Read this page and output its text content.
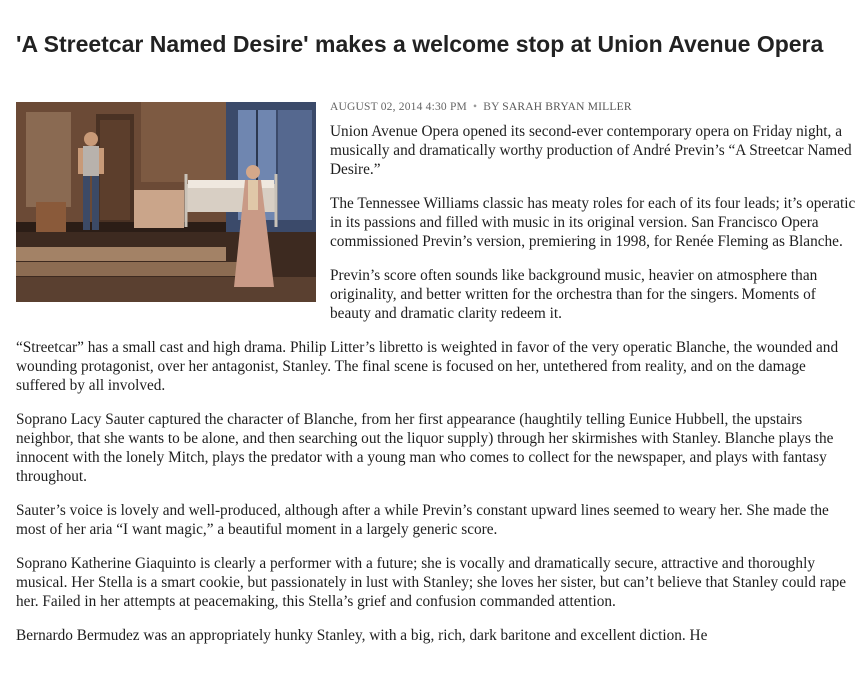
'A Streetcar Named Desire' makes a welcome stop at Union Avenue Opera

AUGUST 02, 2014 4:30 PM • BY SARAH BRYAN MILLER

Union Avenue Opera opened its second-ever contemporary opera on Friday night, a musically and dramatically worthy production of André Previn’s “A Streetcar Named Desire.”

The Tennessee Williams classic has meaty roles for each of its four leads; it’s operatic in its passions and filled with music in its original version. San Francisco Opera commissioned Previn’s version, premiering in 1998, for Renée Fleming as Blanche.

Previn’s score often sounds like background music, heavier on atmosphere than originality, and better written for the orchestra than for the singers. Moments of beauty and dramatic clarity redeem it.

“Streetcar” has a small cast and high drama. Philip Litter’s libretto is weighted in favor of the very operatic Blanche, the wounded and wounding protagonist, over her antagonist, Stanley. The final scene is focused on her, untethered from reality, and on the damage suffered by all involved.

Soprano Lacy Sauter captured the character of Blanche, from her first appearance (haughtily telling Eunice Hubbell, the upstairs neighbor, that she wants to be alone, and then searching out the liquor supply) through her skirmishes with Stanley. Blanche plays the innocent with the lonely Mitch, plays the predator with a young man who comes to collect for the newspaper, and plays with fantasy throughout.

Sauter’s voice is lovely and well-produced, although after a while Previn’s constant upward lines seemed to weary her. She made the most of her aria “I want magic,” a beautiful moment in a largely generic score.

Soprano Katherine Giaquinto is clearly a performer with a future; she is vocally and dramatically secure, attractive and thoroughly musical. Her Stella is a smart cookie, but passionately in lust with Stanley; she loves her sister, but can’t believe that Stanley could rape her. Failed in her attempts at peacemaking, this Stella’s grief and confusion commanded attention.

Bernardo Bermudez was an appropriately hunky Stanley, with a big, rich, dark baritone and excellent diction. He
